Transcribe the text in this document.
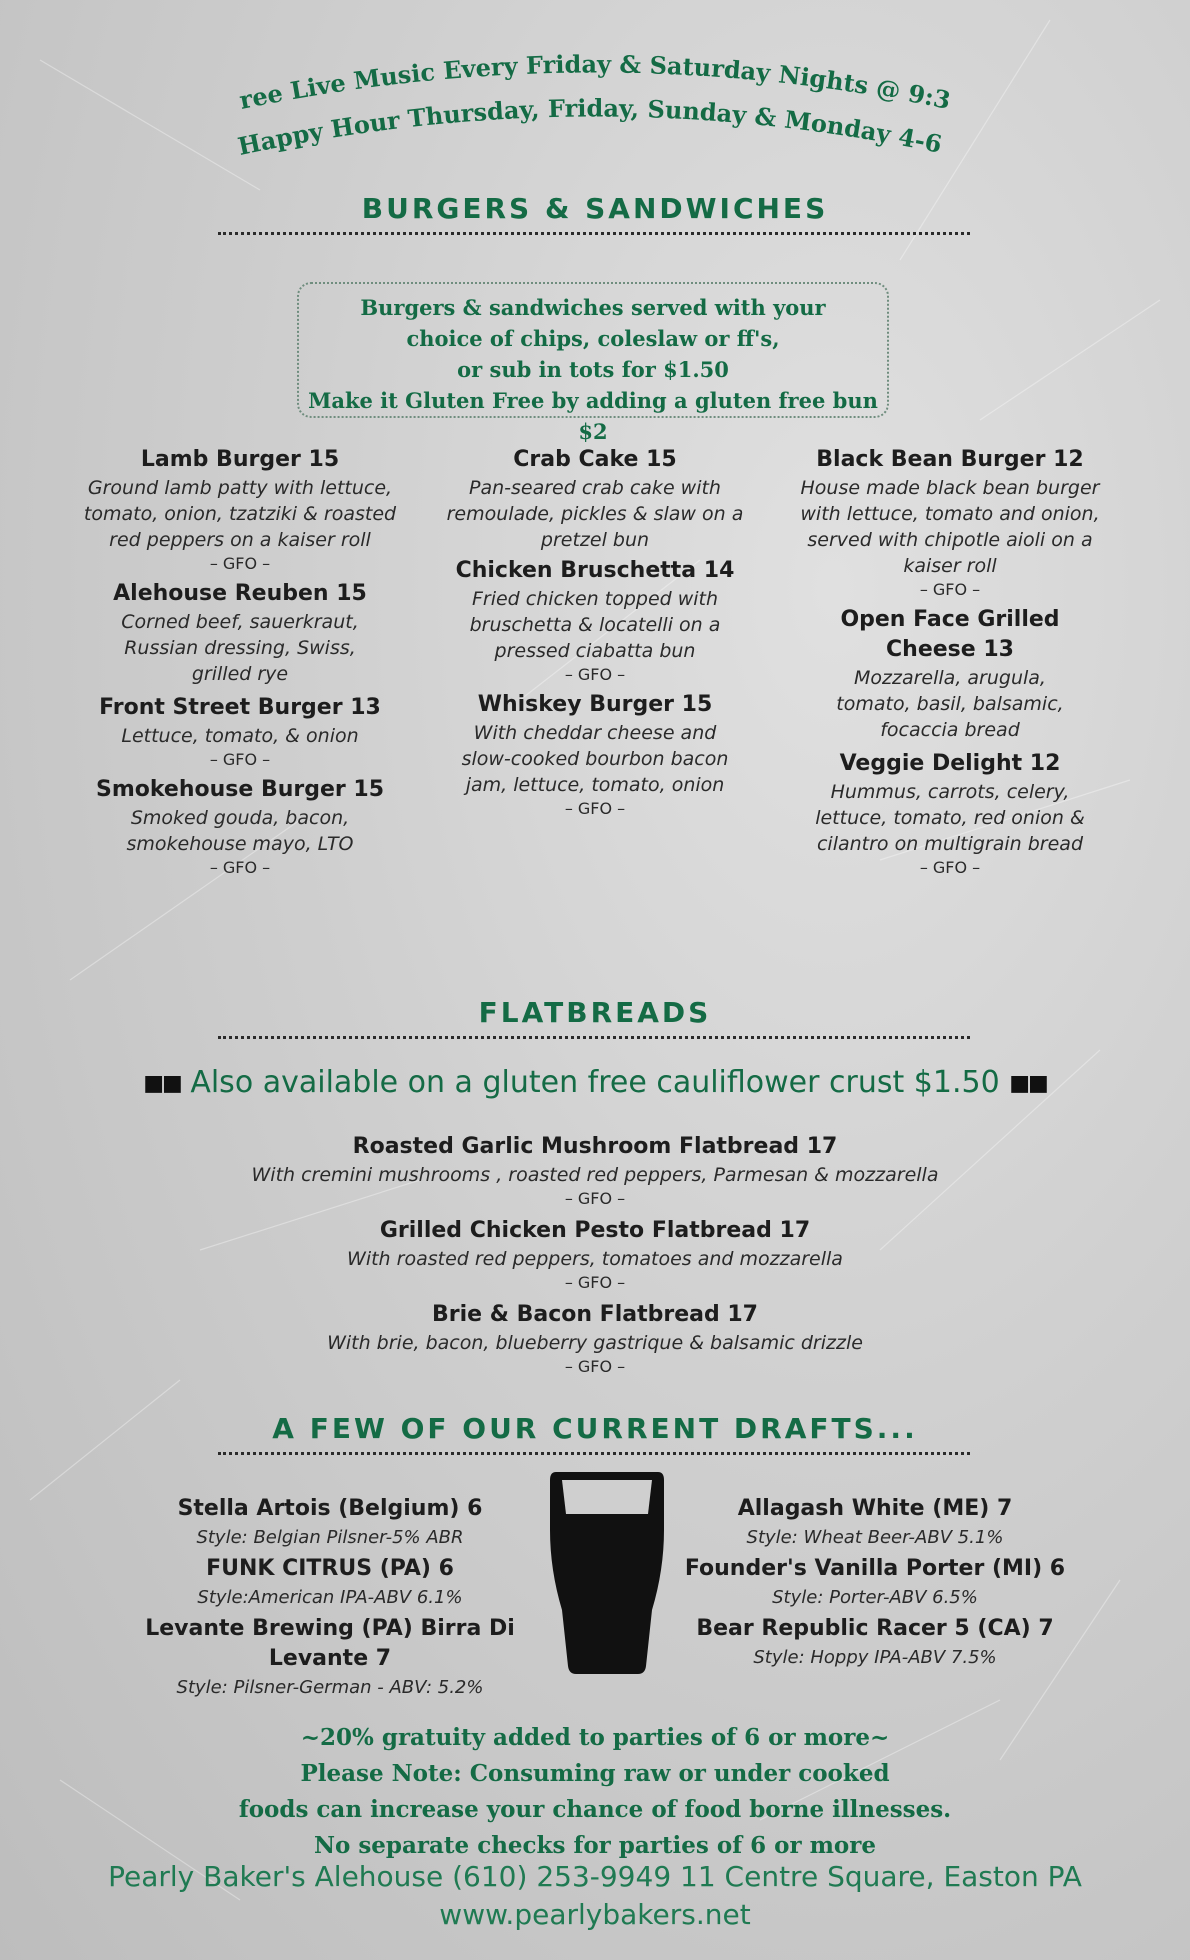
ree Live Music Every Friday & Saturday Nights @ 9:3
Happy Hour Thursday, Friday, Sunday & Monday 4-6
BURGERS & SANDWICHES
Burgers & sandwiches served with your
choice of chips, coleslaw or ff's,
or sub in tots for $1.50
Make it Gluten Free by adding a gluten free bun $2
Lamb Burger 15
Ground lamb patty with lettuce, tomato, onion, tzatziki & roasted red peppers on a kaiser roll
– GFO –
Alehouse Reuben 15
Corned beef, sauerkraut, Russian dressing, Swiss, grilled rye
Front Street Burger 13
Lettuce, tomato, & onion
– GFO –
Smokehouse Burger 15
Smoked gouda, bacon, smokehouse mayo, LTO
– GFO –
Crab Cake 15
Pan-seared crab cake with remoulade, pickles & slaw on a pretzel bun
Chicken Bruschetta 14
Fried chicken topped with bruschetta & locatelli on a pressed ciabatta bun
– GFO –
Whiskey Burger 15
With cheddar cheese and slow-cooked bourbon bacon jam, lettuce, tomato, onion
– GFO –
Black Bean Burger 12
House made black bean burger with lettuce, tomato and onion, served with chipotle aioli on a kaiser roll
– GFO –
Open Face Grilled Cheese 13
Mozzarella, arugula, tomato, basil, balsamic, focaccia bread
Veggie Delight 12
Hummus, carrots, celery, lettuce, tomato, red onion & cilantro on multigrain bread
– GFO –
FLATBREADS
■■ Also available on a gluten free cauliflower crust $1.50 ■■
Roasted Garlic Mushroom Flatbread 17
With cremini mushrooms , roasted red peppers, Parmesan & mozzarella
– GFO –
Grilled Chicken Pesto Flatbread 17
With roasted red peppers, tomatoes and mozzarella
– GFO –
Brie & Bacon Flatbread 17
With brie, bacon, blueberry gastrique & balsamic drizzle
– GFO –
A FEW OF OUR CURRENT DRAFTS...
Stella Artois (Belgium) 6
Style: Belgian Pilsner-5% ABR
FUNK CITRUS (PA) 6
Style:American IPA-ABV 6.1%
Levante Brewing (PA) Birra Di Levante 7
Style: Pilsner-German - ABV: 5.2%
Allagash White (ME) 7
Style: Wheat Beer-ABV 5.1%
Founder's Vanilla Porter (MI) 6
Style: Porter-ABV 6.5%
Bear Republic Racer 5 (CA) 7
Style: Hoppy IPA-ABV 7.5%
~20% gratuity added to parties of 6 or more~
Please Note: Consuming raw or under cooked
foods can increase your chance of food borne illnesses.
No separate checks for parties of 6 or more
Pearly Baker's Alehouse (610) 253-9949 11 Centre Square, Easton PA
www.pearlybakers.net
